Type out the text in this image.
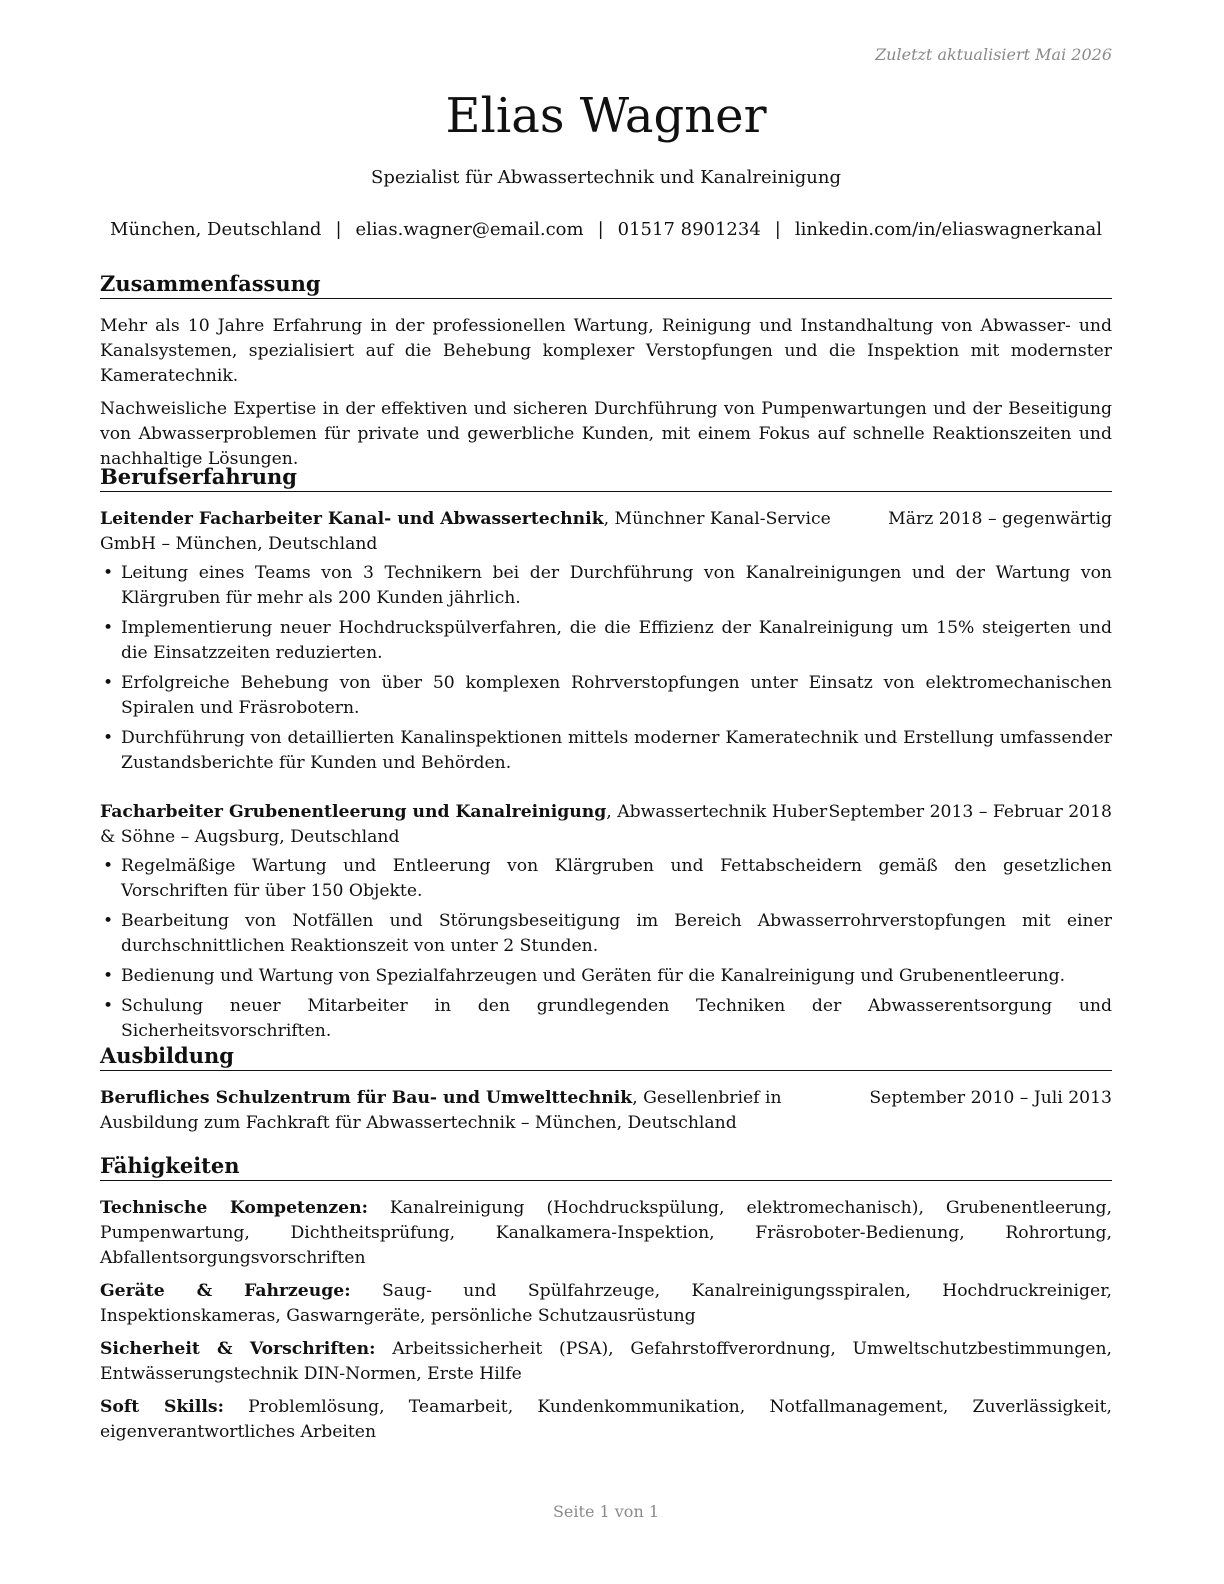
Zuletzt aktualisiert Mai 2026
Elias Wagner
Spezialist für Abwassertechnik und Kanalreinigung
München, Deutschland | elias.wagner@email.com | 01517 8901234 | linkedin.com/in/eliaswagnerkanal
Zusammenfassung

Mehr als 10 Jahre Erfahrung in der professionellen Wartung, Reinigung und Instandhaltung von Abwasser- und Kanalsystemen, spezialisiert auf die Behebung komplexer Verstopfungen und die Inspektion mit modernster Kameratechnik.

Nachweisliche Expertise in der effektiven und sicheren Durchführung von Pumpenwartungen und der Beseitigung von Abwasserproblemen für private und gewerbliche Kunden, mit einem Fokus auf schnelle Reaktionszeiten und nachhaltige Lösungen.

Berufserfahrung
Leitender Facharbeiter Kanal- und Abwassertechnik, Münchner Kanal-Service GmbH – München, Deutschland
März 2018 – gegenwärtig
• Leitung eines Teams von 3 Technikern bei der Durchführung von Kanalreinigungen und der Wartung von Klärgruben für mehr als 200 Kunden jährlich.
• Implementierung neuer Hochdruckspülverfahren, die die Effizienz der Kanalreinigung um 15% steigerten und die Einsatzzeiten reduzierten.
• Erfolgreiche Behebung von über 50 komplexen Rohrverstopfungen unter Einsatz von elektromechanischen Spiralen und Fräsrobotern.
• Durchführung von detaillierten Kanalinspektionen mittels moderner Kameratechnik und Erstellung umfassender Zustandsberichte für Kunden und Behörden.
Facharbeiter Grubenentleerung und Kanalreinigung, Abwassertechnik Huber & Söhne – Augsburg, Deutschland
September 2013 – Februar 2018
• Regelmäßige Wartung und Entleerung von Klärgruben und Fettabscheidern gemäß den gesetzlichen Vorschriften für über 150 Objekte.
• Bearbeitung von Notfällen und Störungsbeseitigung im Bereich Abwasserrohrverstopfungen mit einer durchschnittlichen Reaktionszeit von unter 2 Stunden.
• Bedienung und Wartung von Spezialfahrzeugen und Geräten für die Kanalreinigung und Grubenentleerung.
• Schulung neuer Mitarbeiter in den grundlegenden Techniken der Abwasserentsorgung und Sicherheitsvorschriften.
Ausbildung
Berufliches Schulzentrum für Bau- und Umwelttechnik, Gesellenbrief in Ausbildung zum Fachkraft für Abwassertechnik – München, Deutschland
September 2010 – Juli 2013
Fähigkeiten

Technische Kompetenzen: Kanalreinigung (Hochdruckspülung, elektromechanisch), Grubenentleerung, Pumpenwartung, Dichtheitsprüfung, Kanalkamera-Inspektion, Fräsroboter-Bedienung, Rohrortung, Abfallentsorgungsvorschriften

Geräte & Fahrzeuge: Saug- und Spülfahrzeuge, Kanalreinigungsspiralen, Hochdruckreiniger, Inspektionskameras, Gaswarngeräte, persönliche Schutzausrüstung

Sicherheit & Vorschriften: Arbeitssicherheit (PSA), Gefahrstoffverordnung, Umweltschutzbestimmungen, Entwässerungstechnik DIN-Normen, Erste Hilfe

Soft Skills: Problemlösung, Teamarbeit, Kundenkommunikation, Notfallmanagement, Zuverlässigkeit, eigenverantwortliches Arbeiten

Seite 1 von 1
